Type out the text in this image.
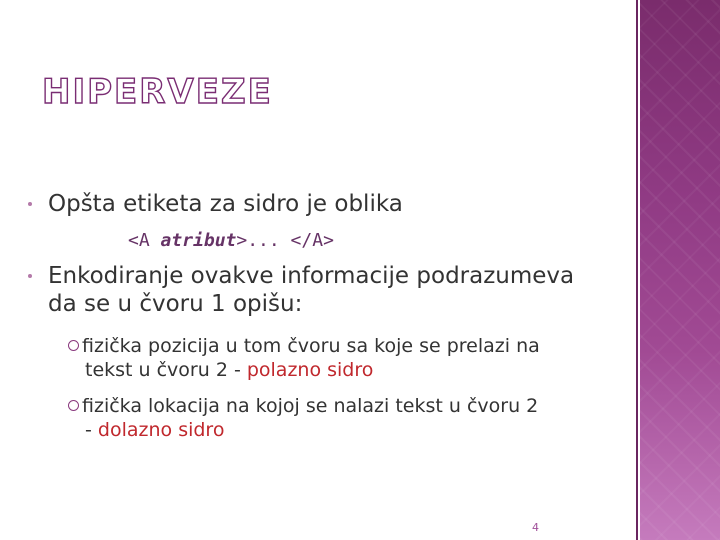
HIPERVEZE

Opšta etiketa za sidro je oblika

<A atribut>... </A>

Enkodiranje ovakve informacije podrazumeva

da se u čvoru 1 opišu:

fizička pozicija u tom čvoru sa koje se prelazi na
tekst u čvoru 2 - polazno sidro
fizička lokacija na kojoj se nalazi tekst u čvoru 2
- dolazno sidro

4
